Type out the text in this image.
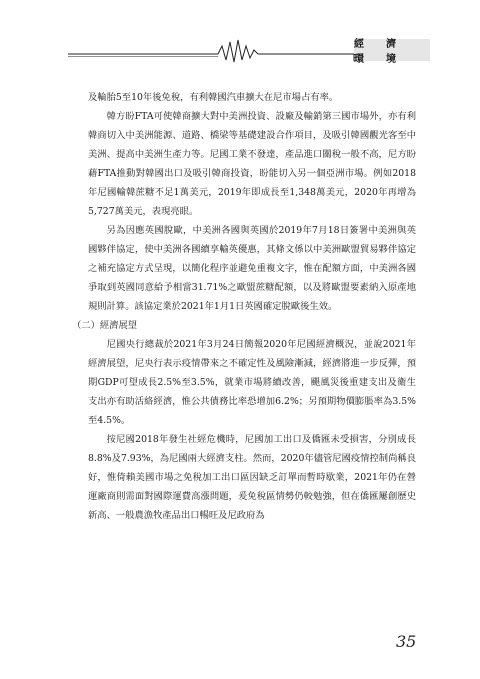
經　濟　環　境

及輪胎5至10年後免稅，有利韓國汽車擴大在尼市場占有率。

韓方盼FTA可使韓商擴大對中美洲投資、設廠及輸銷第三國市場外，亦有利韓商切入中美洲能源、道路、橋梁等基礎建設合作項目，及吸引韓國觀光客至中美洲、提高中美洲生產力等。尼國工業不發達，產品進口關稅一般不高，尼方盼藉FTA推動對韓國出口及吸引韓商投資，盼能切入另一個亞洲市場。例如2018年尼國輸韓蔗糖不足1萬美元，2019年即成長至1,348萬美元，2020年再增為5,727萬美元，表現亮眼。

另為因應英國脫歐，中美洲各國與英國於2019年7月18日簽署中美洲與英國夥伴協定，使中美洲各國續享輸英優惠，其條文係以中美洲歐盟貿易夥伴協定之補充協定方式呈現，以簡化程序並避免重複文字，惟在配額方面，中美洲各國爭取到英國同意給予相當31.71%之歐盟蔗糖配額，以及將歐盟要素納入原產地規則計算。該協定業於2021年1月1日英國確定脫歐後生效。

（二）經濟展望

尼國央行總裁於2021年3月24日簡報2020年尼國經濟概況，並說2021年經濟展望，尼央行表示疫情帶來之不確定性及風險漸減，經濟將進一步反彈，預期GDP可望成長2.5%至3.5%，就業市場將續改善，颶風災後重建支出及衛生支出亦有助活絡經濟，惟公共債務比率恐增加6.2%；另預期物價膨脹率為3.5%至4.5%。

按尼國2018年發生社經危機時，尼國加工出口及僑匯未受損害，分別成長8.8%及7.93%，為尼國兩大經濟支柱。然而，2020年儘管尼國疫情控制尚稱良好，惟倚賴美國市場之免稅加工出口區因缺乏訂單而暫時歇業，2021年仍在營運廠商則需面對國際運費高漲問題，爰免稅區情勢仍較勉強，但在僑匯屢創歷史新高、一般農漁牧產品出口暢旺及尼政府為

35
